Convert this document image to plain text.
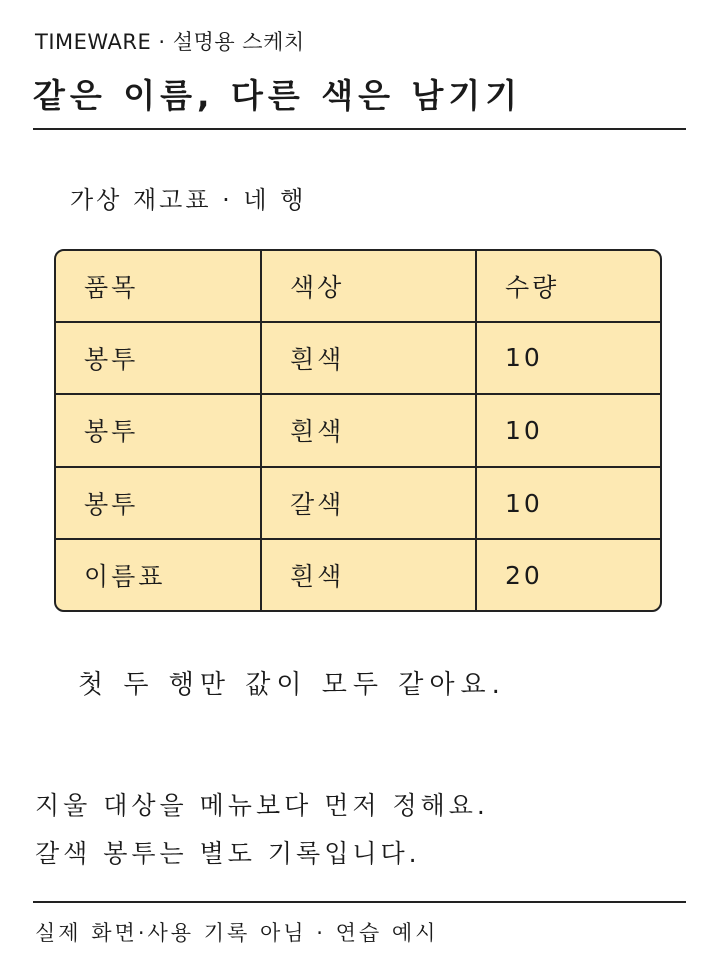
TIMEWARE · 설명용 스케치
같은 이름, 다른 색은 남기기
가상 재고표 · 네 행
품목	색상	수량
봉투	흰색	10
봉투	흰색	10
봉투	갈색	10
이름표	흰색	20
첫 두 행만 값이 모두 같아요.
지울 대상을 메뉴보다 먼저 정해요.
갈색 봉투는 별도 기록입니다.
실제 화면·사용 기록 아님 · 연습 예시
